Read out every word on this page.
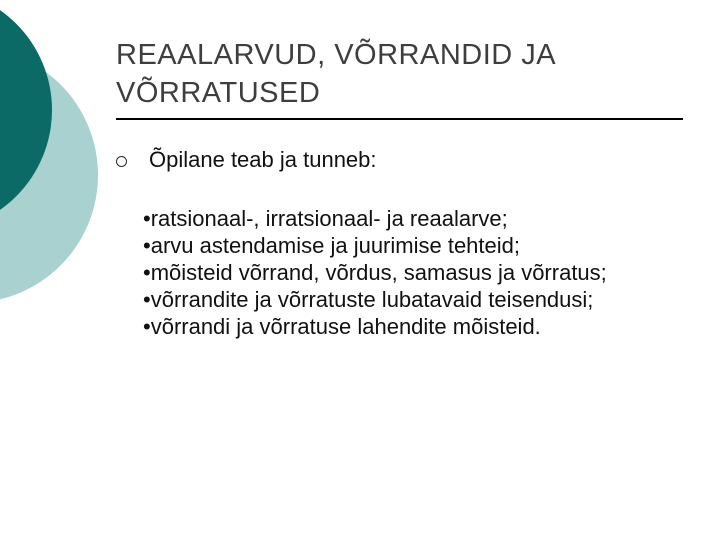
REAALARVUD, VÕRRANDID JA VÕRRATUSED
Õpilane teab ja tunneb:
•ratsionaal-, irratsionaal- ja reaalarve;
•arvu astendamise ja juurimise tehteid;
•mõisteid võrrand, võrdus, samasus ja võrratus;
•võrrandite ja võrratuste lubatavaid teisendusi;
•võrrandi ja võrratuse lahendite mõisteid.
